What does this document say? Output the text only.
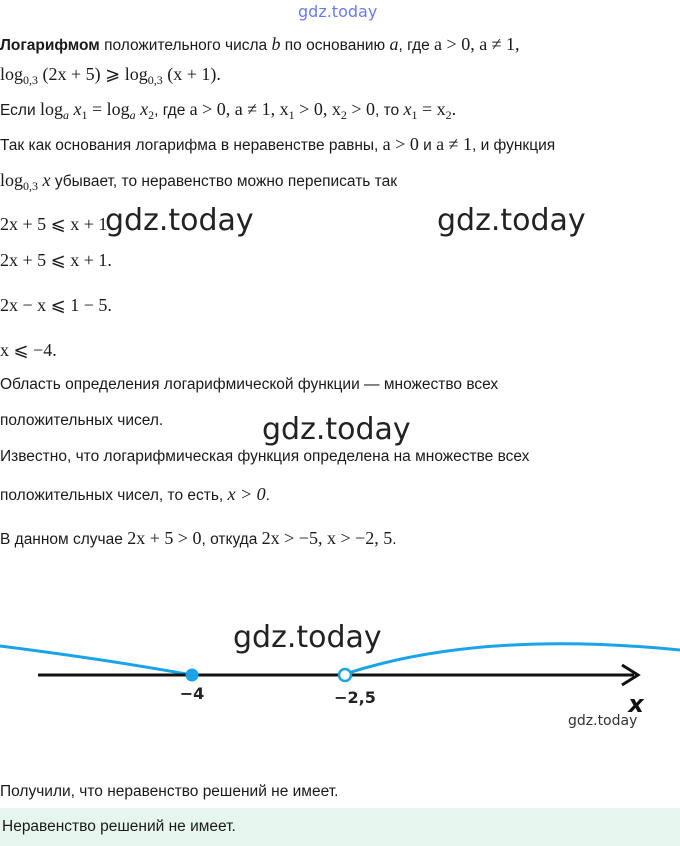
gdz.today
Логарифмом положительного числа b по основанию a, где a > 0, a ≠ 1,
$\log_{0,3} (2x + 5)$ ⩾ $\log_{0,3} (x + 1)$.
Если $\log_a x_1 = \log_a x_2$, где a > 0, a ≠ 1, $x_1 > 0$, $x_2 > 0$, то $x_1 = x_2$.
Так как основания логарифма в неравенстве равны, a > 0 и a ≠ 1, и функция
$\log_{0,3} x$ убывает, то неравенство можно переписать так
2x + 5 ⩽ x + 1
2x + 5 ⩽ x + 1.
2x − x ⩽ 1 − 5.
x ⩽ −4.
Область определения логарифмической функции — множество всех
положительных чисел.
Известно, что логарифмическая функция определена на множестве всех
положительных чисел, то есть, x > 0.
В данном случае 2x + 5 > 0, откуда 2x > −5, x > −2, 5.
−4	−2,5	x
gdz.today	gdz.today
gdz.today
gdz.today
gdz.today
Получили, что неравенство решений не имеет.
Неравенство решений не имеет.
